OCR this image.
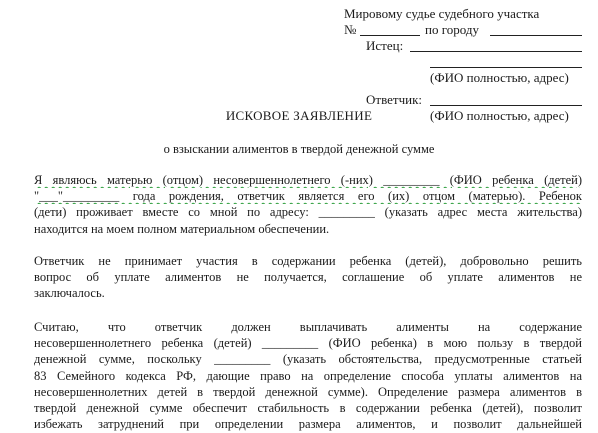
Мировому судье судебного участка
№	по городу
Истец:
(ФИО полностью, адрес)
Ответчик:
(ФИО полностью, адрес)
ИСКОВОЕ ЗАЯВЛЕНИЕ
о взыскании алиментов в твердой денежной сумме
Я являюсь матерью (отцом) несовершеннолетнего (-них) _________ (ФИО ребенка (детей)
"___"_________ года рождения, ответчик является его (их) отцом (матерью). Ребенок
(дети) проживает вместе со мной по адресу: _________ (указать адрес места жительства)
находится на моем полном материальном обеспечении.
Ответчик не принимает участия в содержании ребенка (детей), добровольно решить
вопрос об уплате алиментов не получается, соглашение об уплате алиментов не
заключалось.
Считаю, что ответчик должен выплачивать алименты на содержание
несовершеннолетнего ребенка (детей) _________ (ФИО ребенка) в мою пользу в твердой
денежной сумме, поскольку _________ (указать обстоятельства, предусмотренные статьей
83 Семейного кодекса РФ, дающие право на определение способа уплаты алиментов на
несовершеннолетних детей в твердой денежной сумме). Определение размера алиментов в
твердой денежной сумме обеспечит стабильность в содержании ребенка (детей), позволит
избежать затруднений при определении размера алиментов, и позволит дальнейшей
